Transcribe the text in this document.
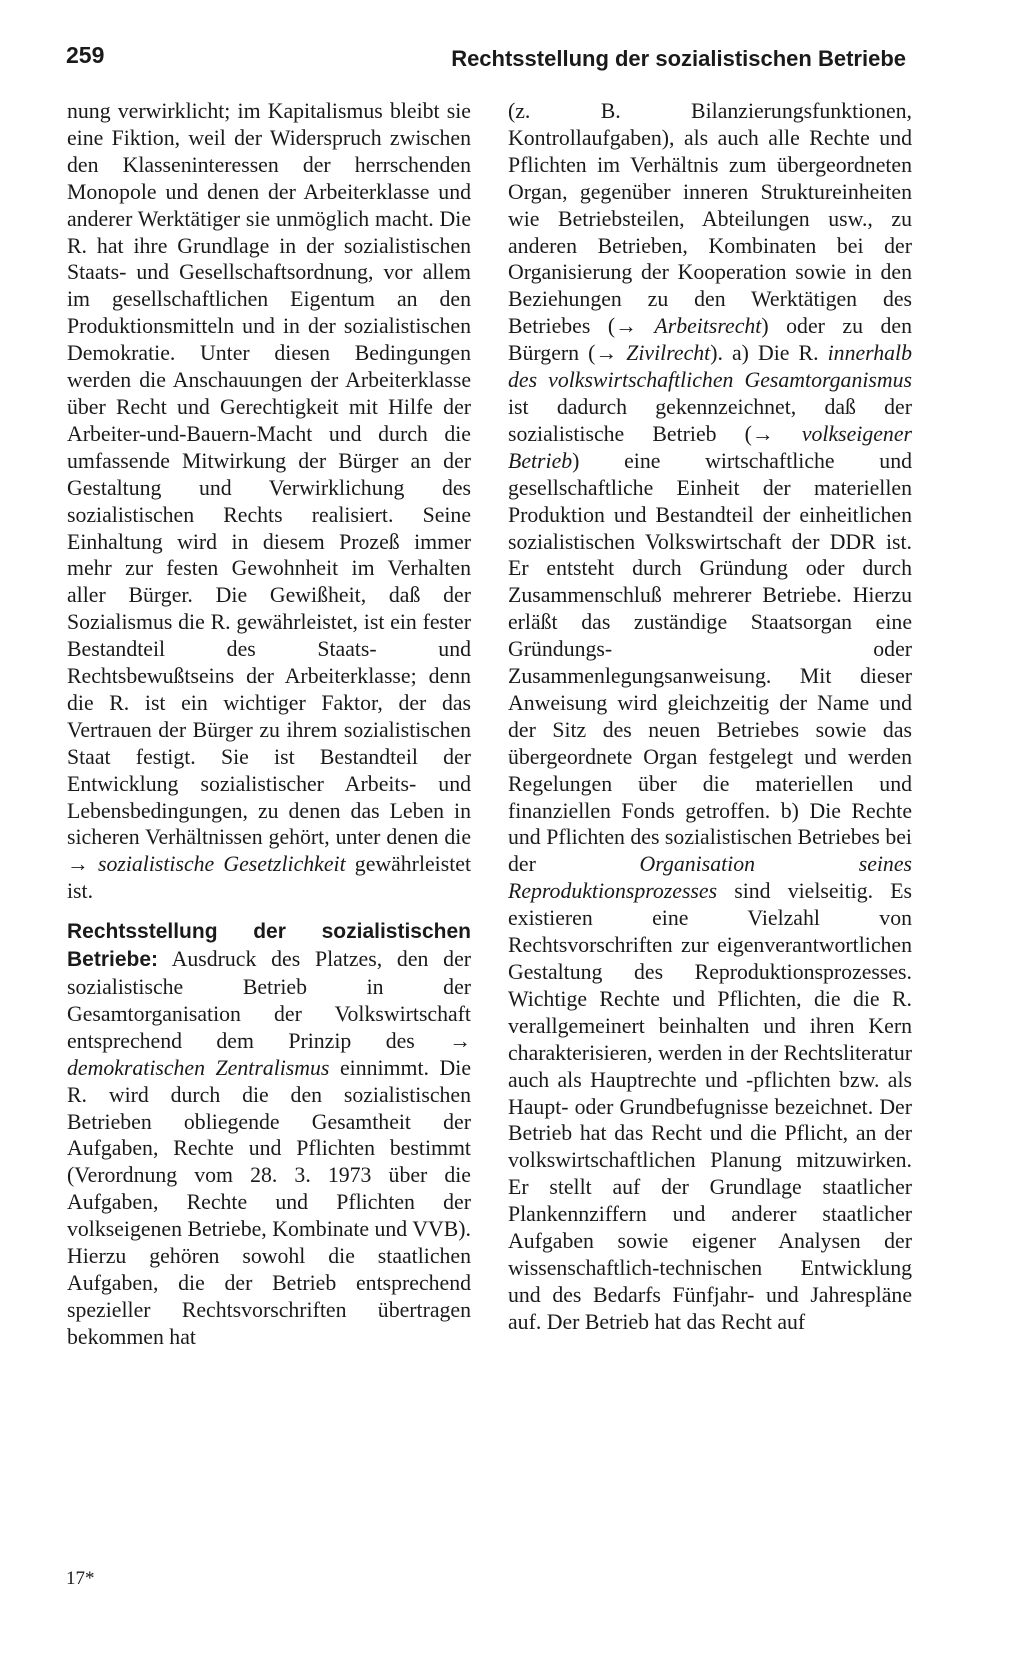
259	Rechtsstellung der sozialistischen Betriebe

nung verwirklicht; im Kapitalismus bleibt sie eine Fiktion, weil der Widerspruch zwischen den Klasseninteressen der herrschenden Monopole und denen der Arbeiterklasse und anderer Werktätiger sie unmöglich macht. Die R. hat ihre Grundlage in der sozialistischen Staats- und Gesellschaftsordnung, vor allem im gesellschaftlichen Eigentum an den Produktionsmitteln und in der sozialistischen Demokratie. Unter diesen Bedingungen werden die Anschauungen der Arbeiterklasse über Recht und Gerechtigkeit mit Hilfe der Arbeiter-und-Bauern-Macht und durch die umfassende Mitwirkung der Bürger an der Gestaltung und Verwirklichung des sozialistischen Rechts realisiert. Seine Einhaltung wird in diesem Prozeß immer mehr zur festen Gewohnheit im Verhalten aller Bürger. Die Gewißheit, daß der Sozialismus die R. gewährleistet, ist ein fester Bestandteil des Staats- und Rechtsbewußtseins der Arbeiterklasse; denn die R. ist ein wichtiger Faktor, der das Vertrauen der Bürger zu ihrem sozialistischen Staat festigt. Sie ist Bestandteil der Entwicklung sozialistischer Arbeits- und Lebensbedingungen, zu denen das Leben in sicheren Verhältnissen gehört, unter denen die → sozialistische Gesetzlichkeit gewährleistet ist.

Rechtsstellung der sozialistischen Betriebe: Ausdruck des Platzes, den der sozialistische Betrieb in der Gesamtorganisation der Volkswirtschaft entsprechend dem Prinzip des → demokratischen Zentralismus einnimmt. Die R. wird durch die den sozialistischen Betrieben obliegende Gesamtheit der Aufgaben, Rechte und Pflichten bestimmt (Verordnung vom 28. 3. 1973 über die Aufgaben, Rechte und Pflichten der volkseigenen Betriebe, Kombinate und VVB). Hierzu gehören sowohl die staatlichen Aufgaben, die der Betrieb entsprechend spezieller Rechtsvorschriften übertragen bekommen hat

(z. B. Bilanzierungsfunktionen, Kontrollaufgaben), als auch alle Rechte und Pflichten im Verhältnis zum übergeordneten Organ, gegenüber inneren Struktureinheiten wie Betriebsteilen, Abteilungen usw., zu anderen Betrieben, Kombinaten bei der Organisierung der Kooperation sowie in den Beziehungen zu den Werktätigen des Betriebes (→ Arbeitsrecht) oder zu den Bürgern (→ Zivilrecht). a) Die R. innerhalb des volkswirtschaftlichen Gesamtorganismus ist dadurch gekennzeichnet, daß der sozialistische Betrieb (→ volkseigener Betrieb) eine wirtschaftliche und gesellschaftliche Einheit der materiellen Produktion und Bestandteil der einheitlichen sozialistischen Volkswirtschaft der DDR ist. Er entsteht durch Gründung oder durch Zusammenschluß mehrerer Betriebe. Hierzu erläßt das zuständige Staatsorgan eine Gründungs- oder Zusammenlegungsanweisung. Mit dieser Anweisung wird gleichzeitig der Name und der Sitz des neuen Betriebes sowie das übergeordnete Organ festgelegt und werden Regelungen über die materiellen und finanziellen Fonds getroffen. b) Die Rechte und Pflichten des sozialistischen Betriebes bei der Organisation seines Reproduktionsprozesses sind vielseitig. Es existieren eine Vielzahl von Rechtsvorschriften zur eigenverantwortlichen Gestaltung des Reproduktionsprozesses. Wichtige Rechte und Pflichten, die die R. verallgemeinert beinhalten und ihren Kern charakterisieren, werden in der Rechtsliteratur auch als Hauptrechte und -pflichten bzw. als Haupt- oder Grundbefugnisse bezeichnet. Der Betrieb hat das Recht und die Pflicht, an der volkswirtschaftlichen Planung mitzuwirken. Er stellt auf der Grundlage staatlicher Plankennziffern und anderer staatlicher Aufgaben sowie eigener Analysen der wissenschaftlich-technischen Entwicklung und des Bedarfs Fünfjahr- und Jahrespläne auf. Der Betrieb hat das Recht auf

17*
